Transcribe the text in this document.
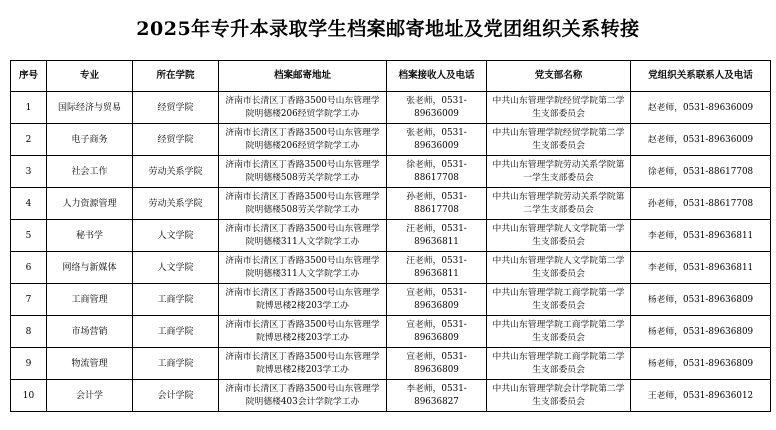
2025年专升本录取学生档案邮寄地址及党团组织关系转接
序号	专业	所在学院	档案邮寄地址	档案接收人及电话	党支部名称	党组织关系联系人及电话
1	国际经济与贸易	经贸学院	济南市长清区丁香路3500号山东管理学院明德楼206经贸学院学工办	张老师，0531-89636009	中共山东管理学院经贸学院第二学生支部委员会	赵老师，0531-89636009
2	电子商务	经贸学院	济南市长清区丁香路3500号山东管理学院明德楼206经贸学院学工办	张老师，0531-89636009	中共山东管理学院经贸学院第二学生支部委员会	赵老师，0531-89636009
3	社会工作	劳动关系学院	济南市长清区丁香路3500号山东管理学院明德楼508劳关学院学工办	徐老师，0531-88617708	中共山东管理学院劳动关系学院第一学生支部委员会	徐老师，0531-88617708
4	人力资源管理	劳动关系学院	济南市长清区丁香路3500号山东管理学院明德楼508劳关学院学工办	孙老师，0531-88617708	中共山东管理学院劳动关系学院第二学生支部委员会	孙老师，0531-88617708
5	秘书学	人文学院	济南市长清区丁香路3500号山东管理学院明德楼311人文学院学工办	汪老师，0531-89636811	中共山东管理学院人文学院第一学生支部委员会	李老师，0531-89636811
6	网络与新媒体	人文学院	济南市长清区丁香路3500号山东管理学院明德楼311人文学院学工办	汪老师，0531-89636811	中共山东管理学院人文学院第二学生支部委员会	李老师，0531-89636811
7	工商管理	工商学院	济南市长清区丁香路3500号山东管理学院博思楼2楼203学工办	宣老师，0531-89636809	中共山东管理学院工商学院第一学生支部委员会	杨老师，0531-89636809
8	市场营销	工商学院	济南市长清区丁香路3500号山东管理学院博思楼2楼203学工办	宣老师，0531-89636809	中共山东管理学院工商学院第二学生支部委员会	杨老师，0531-89636809
9	物流管理	工商学院	济南市长清区丁香路3500号山东管理学院博思楼2楼203学工办	宣老师，0531-89636809	中共山东管理学院工商学院第二学生支部委员会	杨老师，0531-89636809
10	会计学	会计学院	济南市长清区丁香路3500号山东管理学院明德楼403会计学院学工办	李老师，0531-89636827	中共山东管理学院会计学院第二学生支部委员会	王老师，0531-89636012
